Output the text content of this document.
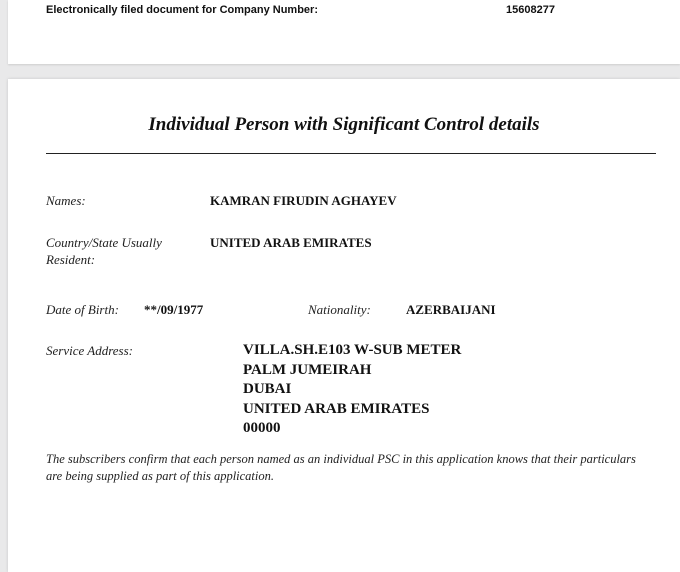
Electronically filed document for Company Number:	15608277
Individual Person with Significant Control details
Names:	KAMRAN FIRUDIN AGHAYEV
Country/State Usually
Resident:
UNITED ARAB EMIRATES
Date of Birth: **/09/1977	Nationality:	AZERBAIJANI
Service Address:	VILLA.SH.E103 W-SUB METER
PALM JUMEIRAH
DUBAI
UNITED ARAB EMIRATES
00000
The subscribers confirm that each person named as an individual PSC in this application knows that their particulars are being supplied as part of this application.
